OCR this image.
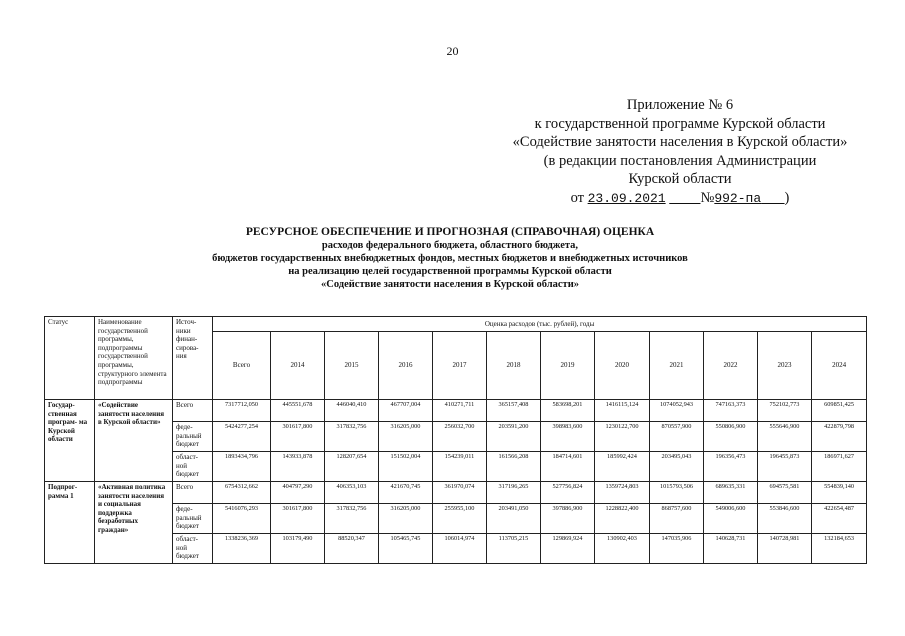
20
Приложение № 6
к государственной программе Курской области
«Содействие занятости населения в Курской области»
(в редакции постановления Администрации
Курской области
от 23.09.2021 №992-па )
РЕСУРСНОЕ ОБЕСПЕЧЕНИЕ И ПРОГНОЗНАЯ (СПРАВОЧНАЯ) ОЦЕНКА
расходов федерального бюджета, областного бюджета,
бюджетов государственных внебюджетных фондов, местных бюджетов и внебюджетных источников
на реализацию целей государственной программы Курской области
«Содействие занятости населения в Курской области»
Статус	Наименование государственной программы, подпрограммы государственной программы, структурного элемента подпрограммы	Источ- ники финан- сирова- ния	Оценка расходов (тыс. рублей), годы											
			Всего	2014	2015	2016	2017	2018	2019	2020	2021	2022	2023	2024
Государ- ственная програм- ма Курской области	«Содействие занятости населения в Курской области»	Всего	7317712,050	445551,678	446040,410	467707,004	410271,711	365157,408	583698,201	1416115,124	1074052,943	747163,373	752102,773	609851,425
		феде- ральный бюджет	5424277,254	301617,800	317832,756	316205,000	256032,700	203591,200	398983,600	1230122,700	870557,900	550806,900	555646,900	422879,798
		област- ной бюджет	1893434,796	143933,878	128207,654	151502,004	154239,011	161566,208	184714,601	185992,424	203495,043	196356,473	196455,873	186971,627
Подпрог- рамма 1	«Активная политика занятости населения и социальная поддержка безработных граждан»	Всего	6754312,662	404797,290	406353,103	421670,745	361970,074	317196,265	527756,824	1359724,803	1015793,506	689635,331	694575,581	554839,140
		феде- ральный бюджет	5416076,293	301617,800	317832,756	316205,000	255955,100	203491,050	397886,900	1228822,400	868757,600	549006,600	553846,600	422654,487
		област- ной бюджет	1338236,369	103179,490	88520,347	105465,745	106014,974	113705,215	129869,924	130902,403	147035,906	140628,731	140728,981	132184,653
